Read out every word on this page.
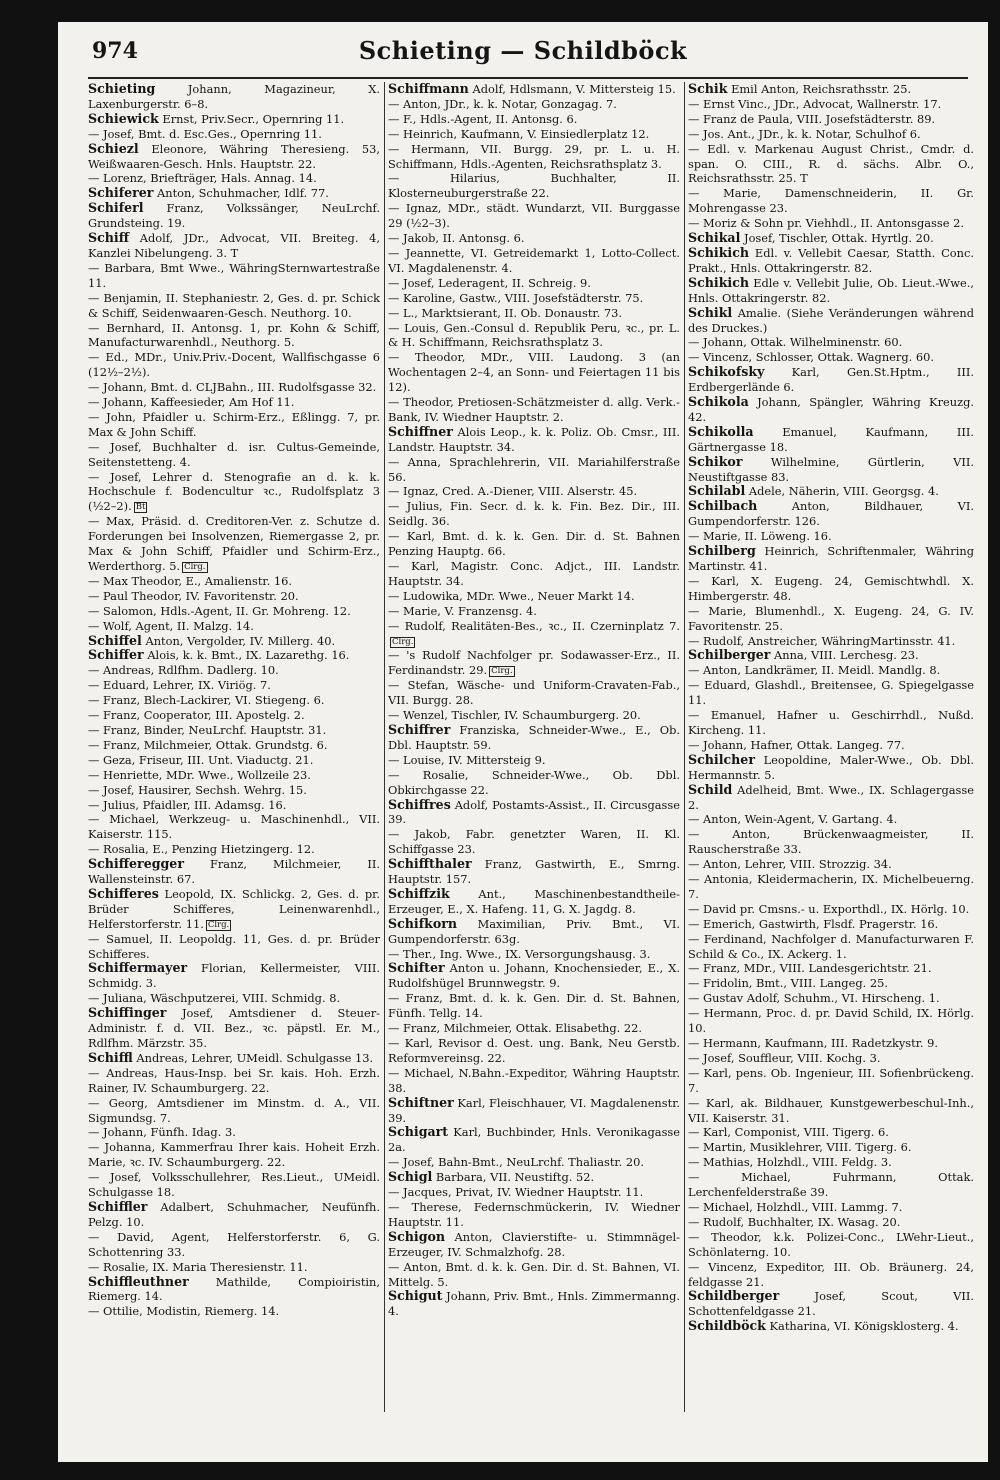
974	Schieting — Schildböck

Schieting	Johann, Magazineur, X. Laxenburgerstr. 6–8.

Schiewick Ernst, Priv.Secr., Opernring 11.

— Josef, Bmt. d. Esc.Ges., Opernring 11.

Schiezl Eleonore, Währing Theresieng. 53, Weißwaaren-Gesch. Hnls. Hauptstr. 22.

— Lorenz, Briefträger, Hals. Annag. 14.

Schiferer Anton, Schuhmacher, Idlf. 77.

Schiferl Franz, Volkssänger, NeuLrchf. Grundsteing. 19.

Schiff Adolf, JDr., Advocat, VII. Breiteg. 4, Kanzlei Nibelungeng. 3. T

— Barbara, Bmt Wwe., WähringSternwartestraße 11.

— Benjamin, II. Stephaniestr. 2, Ges. d. pr. Schick & Schiff, Seidenwaaren-Gesch. Neuthorg. 10.

— Bernhard, II. Antonsg. 1, pr. Kohn & Schiff, Manufacturwarenhdl., Neuthorg. 5.

— Ed., MDr., Univ.Priv.-Docent, Wallfischgasse 6 (12½–2½).

— Johann, Bmt. d. CLJBahn., III. Rudolfsgasse 32.

— Johann, Kaffeesieder, Am Hof 11.

— John, Pfaidler u. Schirm-Erz., Eßlingg. 7, pr. Max & John Schiff.

— Josef, Buchhalter d. isr. Cultus-Gemeinde, Seitenstetteng. 4.

— Josef, Lehrer d. Stenografie an d. k. k. Hochschule f. Bodencultur ꝛc., Rudolfsplatz 3 (½2–2). Bt

— Max, Präsid. d. Creditoren-Ver. z. Schutze d. Forderungen bei Insolvenzen, Riemergasse 2, pr. Max & John Schiff, Pfaidler und Schirm-Erz., Werderthorg. 5. Clrg.

— Max Theodor, E., Amalienstr. 16.

— Paul Theodor, IV. Favoritenstr. 20.

— Salomon, Hdls.-Agent, II. Gr. Mohreng. 12.

— Wolf, Agent, II. Malzg. 14.

Schiffel Anton, Vergolder, IV. Millerg. 40.

Schiffer Alois, k. k. Bmt., IX. Lazarethg. 16.

— Andreas, Rdlfhm. Dadlerg. 10.

— Eduard, Lehrer, IX. Viriög. 7.

— Franz, Blech-Lackirer, VI. Stiegeng. 6.

— Franz, Cooperator, III. Apostelg. 2.

— Franz, Binder, NeuLrchf. Hauptstr. 31.

— Franz, Milchmeier, Ottak. Grundstg. 6.

— Geza, Friseur, III. Unt. Viaductg. 21.

— Henriette, MDr. Wwe., Wollzeile 23.

— Josef, Hausirer, Sechsh. Wehrg. 15.

— Julius, Pfaidler, III. Adamsg. 16.

— Michael, Werkzeug- u. Maschinenhdl., VII. Kaiserstr. 115.

— Rosalia, E., Penzing Hietzingerg. 12.

Schifferegger Franz, Milchmeier, II. Wallensteinstr. 67.

Schifferes Leopold, IX. Schlickg. 2, Ges. d. pr. Brüder Schifferes, Leinenwarenhdl., Helferstorferstr. 11. Clrg.

— Samuel, II. Leopoldg. 11, Ges. d. pr. Brüder Schifferes.

Schiffermayer Florian, Kellermeister, VIII. Schmidg. 3.

— Juliana, Wäschputzerei, VIII. Schmidg. 8.

Schiffinger Josef, Amtsdiener d. Steuer-Administr. f. d. VII. Bez., ꝛc. päpstl. Er. M., Rdlfhm. Märzstr. 35.

Schiffl Andreas, Lehrer, UMeidl. Schulgasse 13.

— Andreas, Haus-Insp. bei Sr. kais. Hoh. Erzh. Rainer, IV. Schaumburgerg. 22.

— Georg, Amtsdiener im Minstm. d. A., VII. Sigmundsg. 7.

— Johann, Fünfh. Idag. 3.

— Johanna, Kammerfrau Ihrer kais. Hoheit Erzh. Marie, ꝛc. IV. Schaumburgerg. 22.

— Josef, Volksschullehrer, Res.Lieut., UMeidl. Schulgasse 18.

Schiffler Adalbert, Schuhmacher, Neufünfh. Pelzg. 10.

— David, Agent, Helferstorferstr. 6, G. Schottenring 33.

— Rosalie, IX. Maria Theresienstr. 11.

Schiffleuthner Mathilde, Compioiristin, Riemerg. 14.

— Ottilie, Modistin, Riemerg. 14.

Schiffmann Adolf, Hdlsmann, V. Mittersteig 15.

— Anton, JDr., k. k. Notar, Gonzagag. 7.

— F., Hdls.-Agent, II. Antonsg. 6.

— Heinrich, Kaufmann, V. Einsiedlerplatz 12.

— Hermann, VII. Burgg. 29, pr. L. u. H. Schiffmann, Hdls.-Agenten, Reichsrathsplatz 3.

— Hilarius, Buchhalter, II. Klosterneuburgerstraße 22.

— Ignaz, MDr., städt. Wundarzt, VII. Burggasse 29 (½2–3).

— Jakob, II. Antonsg. 6.

— Jeannette, VI. Getreidemarkt 1, Lotto-Collect. VI. Magdalenenstr. 4.

— Josef, Lederagent, II. Schreig. 9.

— Karoline, Gastw., VIII. Josefstädterstr. 75.

— L., Marktsierant, II. Ob. Donaustr. 73.

— Louis, Gen.-Consul d. Republik Peru, ꝛc., pr. L. & H. Schiffmann, Reichsrathsplatz 3.

— Theodor, MDr., VIII. Laudong. 3 (an Wochentagen 2–4, an Sonn- und Feiertagen 11 bis 12).

— Theodor, Pretiosen-Schätzmeister d. allg. Verk.-Bank, IV. Wiedner Hauptstr. 2.

Schiffner Alois Leop., k. k. Poliz. Ob. Cmsr., III. Landstr. Hauptstr. 34.

— Anna, Sprachlehrerin, VII. Mariahilferstraße 56.

— Ignaz, Cred. A.-Diener, VIII. Alserstr. 45.

— Julius, Fin. Secr. d. k. k. Fin. Bez. Dir., III. Seidlg. 36.

— Karl, Bmt. d. k. k. Gen. Dir. d. St. Bahnen Penzing Hauptg. 66.

— Karl, Magistr. Conc. Adjct., III. Landstr. Hauptstr. 34.

— Ludowika, MDr. Wwe., Neuer Markt 14.

— Marie, V. Franzensg. 4.

— Rudolf, Realitäten-Bes., ꝛc., II. Czerninplatz 7.Clrg.

— 's Rudolf Nachfolger pr. Sodawasser-Erz., II. Ferdinandstr. 29. Clrg.

— Stefan, Wäsche- und Uniform-Cravaten-Fab., VII. Burgg. 28.

— Wenzel, Tischler, IV. Schaumburgerg. 20.

Schiffrer Franziska, Schneider-Wwe., E., Ob. Dbl. Hauptstr. 59.

— Louise, IV. Mittersteig 9.

— Rosalie, Schneider-Wwe., Ob. Dbl. Obkirchgasse 22.

Schiffres Adolf, Postamts-Assist., II. Circusgasse 39.

— Jakob, Fabr. genetzter Waren, II. Kl. Schiffgasse 23.

Schiffthaler Franz, Gastwirth, E., Smrng. Hauptstr. 157.

Schiffzik	Ant., Maschinenbestandtheile-Erzeuger, E., X. Hafeng. 11, G. X. Jagdg. 8.

Schifkorn Maximilian, Priv. Bmt., VI. Gumpendorferstr. 63g.

— Ther., Ing. Wwe., IX. Versorgungshausg. 3.

Schifter Anton u. Johann, Knochensieder, E., X. Rudolfshügel Brunnwegstr. 9.

— Franz, Bmt. d. k. k. Gen. Dir. d. St. Bahnen, Fünfh. Tellg. 14.

— Franz, Milchmeier, Ottak. Elisabethg. 22.

— Karl, Revisor d. Oest. ung. Bank, Neu Gerstb. Reformvereinsg. 22.

— Michael, N.Bahn.-Expeditor, Währing Hauptstr. 38.

Schiftner Karl, Fleischhauer, VI. Magdalenenstr. 39.

Schigart Karl, Buchbinder, Hnls. Veronikagasse 2a.

— Josef, Bahn-Bmt., NeuLrchf. Thaliastr. 20.

Schigl Barbara, VII. Neustiftg. 52.

— Jacques, Privat, IV. Wiedner Hauptstr. 11.

— Therese, Federnschmückerin, IV. Wiedner Hauptstr. 11.

Schigon Anton, Clavierstifte- u. Stimmnägel-Erzeuger, IV. Schmalzhofg. 28.

— Anton, Bmt. d. k. k. Gen. Dir. d. St. Bahnen, VI. Mittelg. 5.

Schigut Johann, Priv. Bmt., Hnls. Zimmermanng. 4.

Schik Emil Anton, Reichsrathsstr. 25.

— Ernst Vinc., JDr., Advocat, Wallnerstr. 17.

— Franz de Paula, VIII. Josefstädterstr. 89.

— Jos. Ant., JDr., k. k. Notar, Schulhof 6.

— Edl. v. Markenau August Christ., Cmdr. d. span. O. CIII., R. d. sächs. Albr. O., Reichsrathsstr. 25. T

— Marie, Damenschneiderin, II. Gr. Mohrengasse 23.

— Moriz & Sohn pr. Viehhdl., II. Antonsgasse 2.

Schikal Josef, Tischler, Ottak. Hyrtlg. 20.

Schikich Edl. v. Vellebit Caesar, Statth. Conc. Prakt., Hnls. Ottakringerstr. 82.

Schikich Edle v. Vellebit Julie, Ob. Lieut.-Wwe., Hnls. Ottakringerstr. 82.

Schikl Amalie. (Siehe Veränderungen während des Druckes.)

— Johann, Ottak. Wilhelminenstr. 60.

— Vincenz, Schlosser, Ottak. Wagnerg. 60.

Schikofsky Karl, Gen.St.Hptm., III. Erdbergerlände 6.

Schikola Johann, Spängler, Währing Kreuzg. 42.

Schikolla	Emanuel, Kaufmann, III. Gärtnergasse 18.

Schikor Wilhelmine, Gürtlerin, VII. Neustiftgasse 83.

Schilabl Adele, Näherin, VIII. Georgsg. 4.

Schilbach	Anton, Bildhauer, VI. Gumpendorferstr. 126.

— Marie, II. Löweng. 16.

Schilberg Heinrich, Schriftenmaler, Währing Martinstr. 41.

— Karl, X. Eugeng. 24, Gemischtwhdl. X. Himbergerstr. 48.

— Marie, Blumenhdl., X. Eugeng. 24, G. IV. Favoritenstr. 25.

— Rudolf, Anstreicher, WähringMartinsstr. 41.

Schilberger Anna, VIII. Lerchesg. 23.

— Anton, Landkrämer, II. Meidl. Mandlg. 8.

— Eduard, Glashdl., Breitensee, G. Spiegelgasse 11.

— Emanuel, Hafner u. Geschirrhdl., Nußd. Kircheng. 11.

— Johann, Hafner, Ottak. Langeg. 77.

Schilcher Leopoldine, Maler-Wwe., Ob. Dbl. Hermannstr. 5.

Schild Adelheid, Bmt. Wwe., IX. Schlagergasse 2.

— Anton, Wein-Agent, V. Gartang. 4.

— Anton, Brückenwaagmeister, II. Rauscherstraße 33.

— Anton, Lehrer, VIII. Strozzig. 34.

— Antonia, Kleidermacherin, IX. Michelbeuerng. 7.

— David pr. Cmsns.- u. Exporthdl., IX. Hörlg. 10.

— Emerich, Gastwirth, Flsdf. Pragerstr. 16.

— Ferdinand, Nachfolger d. Manufacturwaren F. Schild & Co., IX. Ackerg. 1.

— Franz, MDr., VIII. Landesgerichtstr. 21.

— Fridolin, Bmt., VIII. Langeg. 25.

— Gustav Adolf, Schuhm., VI. Hirscheng. 1.

— Hermann, Proc. d. pr. David Schild, IX. Hörlg. 10.

— Hermann, Kaufmann, III. Radetzkystr. 9.

— Josef, Souffleur, VIII. Kochg. 3.

— Karl, pens. Ob. Ingenieur, III. Sofienbrückeng. 7.

— Karl, ak. Bildhauer, Kunstgewerbeschul-Inh., VII. Kaiserstr. 31.

— Karl, Componist, VIII. Tigerg. 6.

— Martin, Musiklehrer, VIII. Tigerg. 6.

— Mathias, Holzhdl., VIII. Feldg. 3.

— Michael, Fuhrmann, Ottak. Lerchenfelderstraße 39.

— Michael, Holzhdl., VIII. Lammg. 7.

— Rudolf, Buchhalter, IX. Wasag. 20.

— Theodor, k.k. Polizei-Conc., LWehr-Lieut., Schönlaterng. 10.

— Vincenz, Expeditor, III. Ob. Bräunerg. 24, feldgasse 21.

Schildberger	Josef, Scout, VII. Schottenfeldgasse 21.

Schildböck Katharina, VI. Königsklosterg. 4.
